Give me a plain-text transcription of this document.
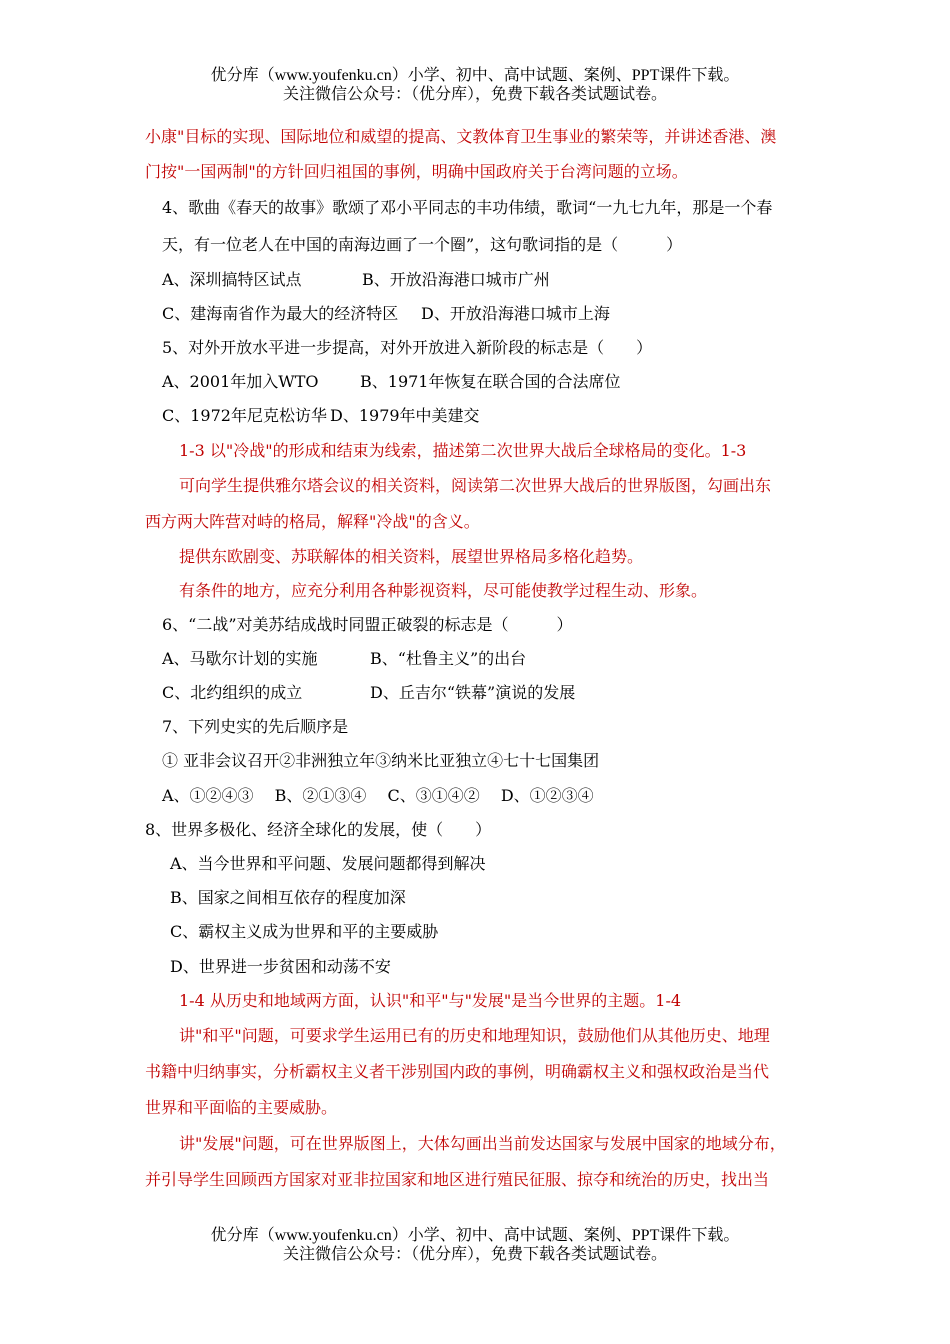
优分库（www.youfenku.cn）小学、初中、高中试题、案例、PPT课件下载。
关注微信公众号：（优分库），免费下载各类试题试卷。
小康"目标的实现、国际地位和威望的提高、文教体育卫生事业的繁荣等，并讲述香港、澳
门按"一国两制"的方针回归祖国的事例，明确中国政府关于台湾问题的立场。
4、歌曲《春天的故事》歌颂了邓小平同志的丰功伟绩，歌词“一九七九年，那是一个春
天，有一位老人在中国的南海边画了一个圈”，这句歌词指的是（　　　）
A、深圳搞特区试点	B、开放沿海港口城市广州
C、建海南省作为最大的经济特区 D、开放沿海港口城市上海
5、对外开放水平进一步提高，对外开放进入新阶段的标志是（　　）
A、2001年加入WTO	B、1971年恢复在联合国的合法席位
C、1972年尼克松访华 D、1979年中美建交
1-3 以"冷战"的形成和结束为线索，描述第二次世界大战后全球格局的变化。1-3
可向学生提供雅尔塔会议的相关资料，阅读第二次世界大战后的世界版图，勾画出东
西方两大阵营对峙的格局，解释"冷战"的含义。
提供东欧剧变、苏联解体的相关资料，展望世界格局多格化趋势。
有条件的地方，应充分利用各种影视资料，尽可能使教学过程生动、形象。
6、“二战”对美苏结成战时同盟正破裂的标志是（　　　）
A、马歇尔计划的实施	B、“杜鲁主义”的出台
C、北约组织的成立	D、丘吉尔“铁幕”演说的发展
7、下列史实的先后顺序是
① 亚非会议召开②非洲独立年③纳米比亚独立④七十七国集团
A、①②④③　 B、②①③④　 C、③①④②　 D、①②③④
8、世界多极化、经济全球化的发展，使（　　）
A、当今世界和平问题、发展问题都得到解决
B、国家之间相互依存的程度加深
C、霸权主义成为世界和平的主要威胁
D、世界进一步贫困和动荡不安
1-4 从历史和地域两方面，认识"和平"与"发展"是当今世界的主题。1-4
讲"和平"问题，可要求学生运用已有的历史和地理知识，鼓励他们从其他历史、地理
书籍中归纳事实，分析霸权主义者干涉别国内政的事例，明确霸权主义和强权政治是当代
世界和平面临的主要威胁。
讲"发展"问题，可在世界版图上，大体勾画出当前发达国家与发展中国家的地域分布，
并引导学生回顾西方国家对亚非拉国家和地区进行殖民征服、掠夺和统治的历史，找出当
优分库（www.youfenku.cn）小学、初中、高中试题、案例、PPT课件下载。
关注微信公众号：（优分库），免费下载各类试题试卷。
